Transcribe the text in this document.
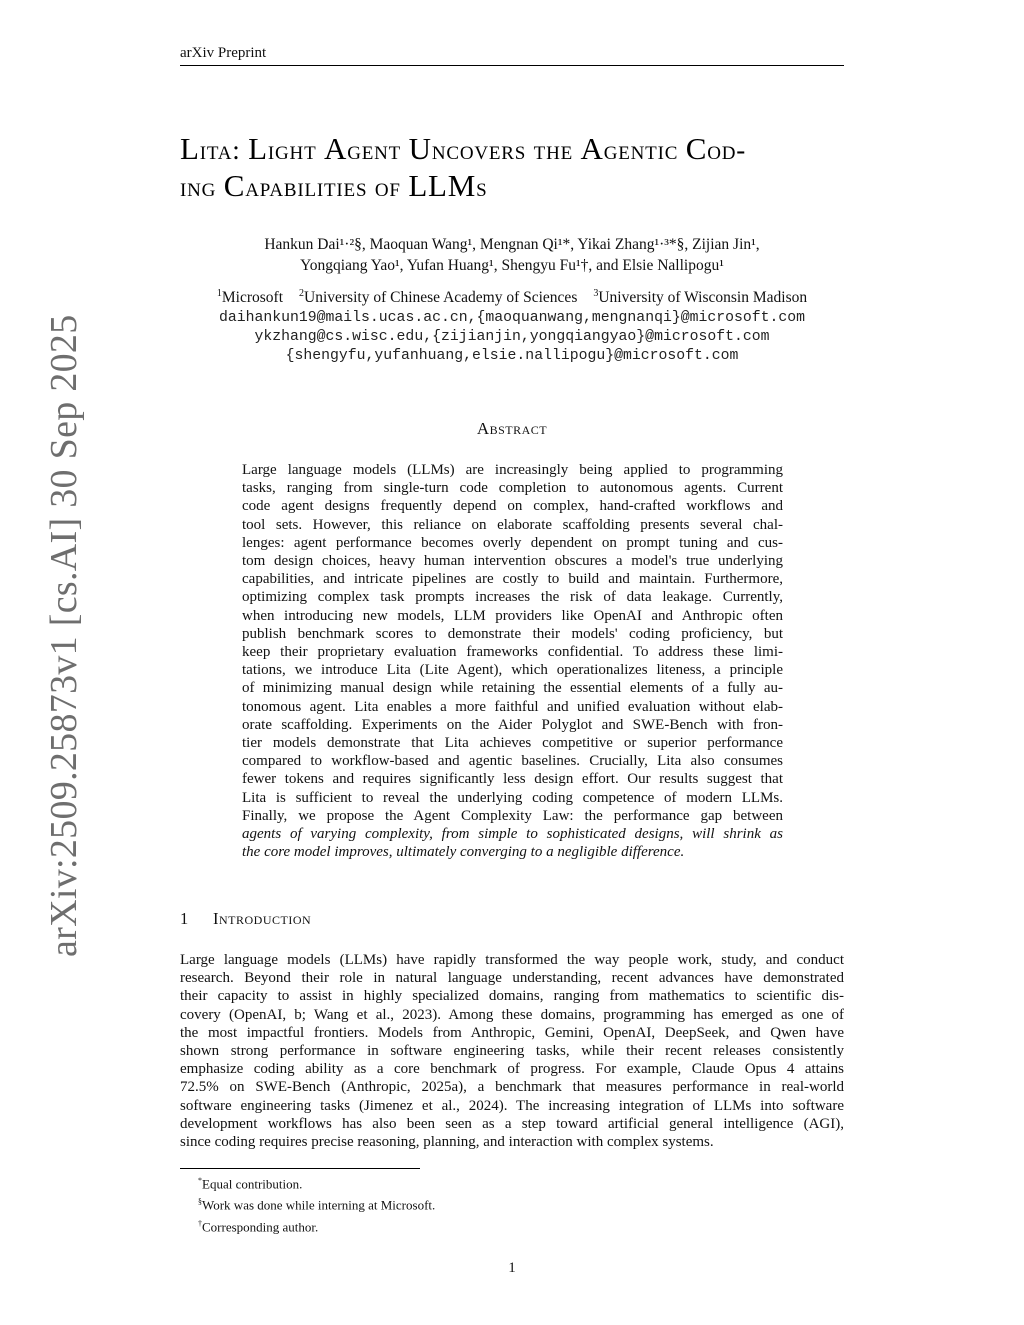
arXiv Preprint
arXiv:2509.25873v1 [cs.AI] 30 Sep 2025
Lita: Light Agent Uncovers the Agentic Cod-
ing Capabilities of LLMs
Hankun Dai¹·²§, Maoquan Wang¹, Mengnan Qi¹*, Yikai Zhang¹·³*§, Zijian Jin¹,
Yongqiang Yao¹, Yufan Huang¹, Shengyu Fu¹†, and Elsie Nallipogu¹
$^1$Microsoft $^2$University of Chinese Academy of Sciences $^3$University of Wisconsin Madison
daihankun19@mails.ucas.ac.cn,{maoquanwang,mengnanqi}@microsoft.com
ykzhang@cs.wisc.edu,{zijianjin,yongqiangyao}@microsoft.com
{shengyfu,yufanhuang,elsie.nallipogu}@microsoft.com
Abstract
Large language models (LLMs) are increasingly being applied to programming
tasks, ranging from single-turn code completion to autonomous agents. Current
code agent designs frequently depend on complex, hand-crafted workflows and
tool sets. However, this reliance on elaborate scaffolding presents several chal-
lenges: agent performance becomes overly dependent on prompt tuning and cus-
tom design choices, heavy human intervention obscures a model's true underlying
capabilities, and intricate pipelines are costly to build and maintain. Furthermore,
optimizing complex task prompts increases the risk of data leakage. Currently,
when introducing new models, LLM providers like OpenAI and Anthropic often
publish benchmark scores to demonstrate their models' coding proficiency, but
keep their proprietary evaluation frameworks confidential. To address these limi-
tations, we introduce Lita (Lite Agent), which operationalizes liteness, a principle
of minimizing manual design while retaining the essential elements of a fully au-
tonomous agent. Lita enables a more faithful and unified evaluation without elab-
orate scaffolding. Experiments on the Aider Polyglot and SWE-Bench with fron-
tier models demonstrate that Lita achieves competitive or superior performance
compared to workflow-based and agentic baselines. Crucially, Lita also consumes
fewer tokens and requires significantly less design effort. Our results suggest that
Lita is sufficient to reveal the underlying coding competence of modern LLMs.
Finally, we propose the Agent Complexity Law: the performance gap between
agents of varying complexity, from simple to sophisticated designs, will shrink as
the core model improves, ultimately converging to a negligible difference.
1 Introduction
Large language models (LLMs) have rapidly transformed the way people work, study, and conduct
research. Beyond their role in natural language understanding, recent advances have demonstrated
their capacity to assist in highly specialized domains, ranging from mathematics to scientific dis-
covery (OpenAI, b; Wang et al., 2023). Among these domains, programming has emerged as one of
the most impactful frontiers. Models from Anthropic, Gemini, OpenAI, DeepSeek, and Qwen have
shown strong performance in software engineering tasks, while their recent releases consistently
emphasize coding ability as a core benchmark of progress. For example, Claude Opus 4 attains
72.5% on SWE-Bench (Anthropic, 2025a), a benchmark that measures performance in real-world
software engineering tasks (Jimenez et al., 2024). The increasing integration of LLMs into software
development workflows has also been seen as a step toward artificial general intelligence (AGI),
since coding requires precise reasoning, planning, and interaction with complex systems.
*Equal contribution.
§Work was done while interning at Microsoft.
†Corresponding author.
1
